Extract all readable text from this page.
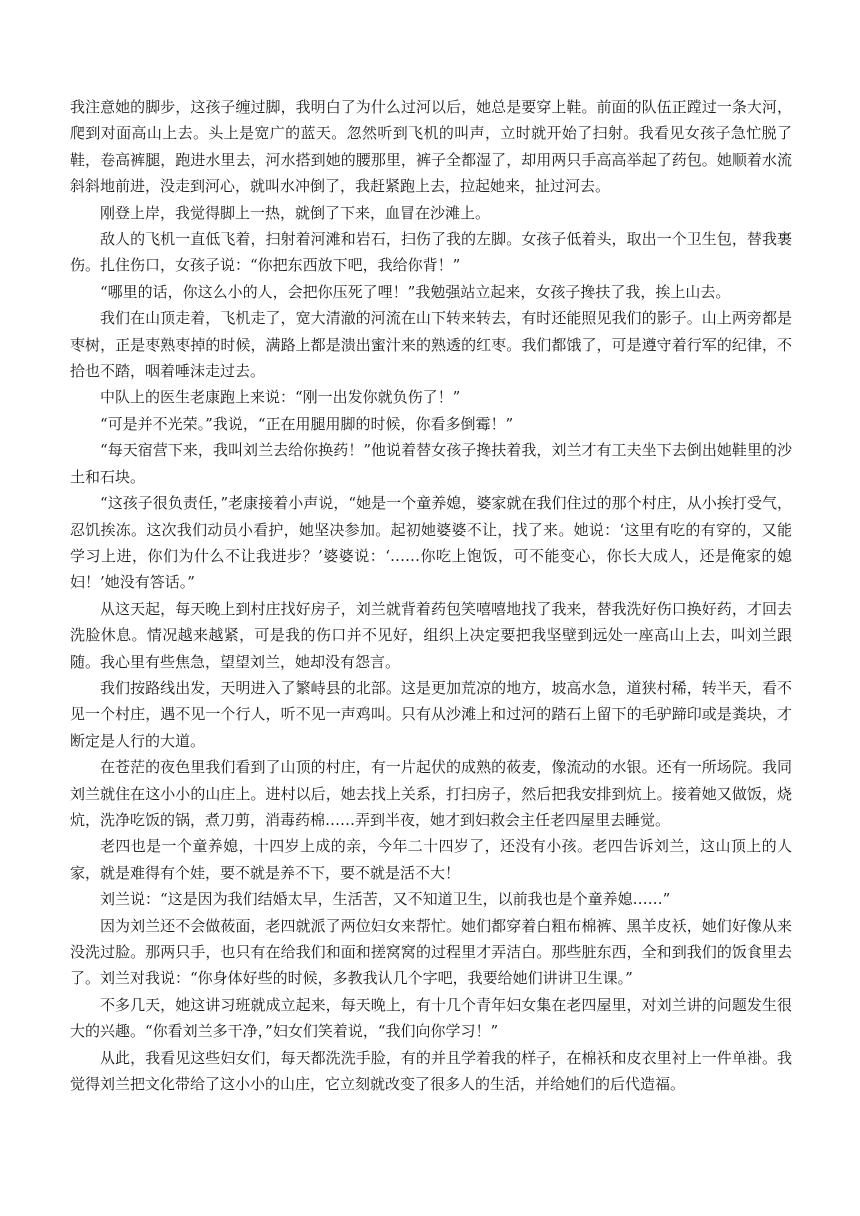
我注意她的脚步，这孩子缠过脚，我明白了为什么过河以后，她总是要穿上鞋。前面的队伍正蹚过一条大河，爬到对面高山上去。头上是宽广的蓝天。忽然听到飞机的叫声，立时就开始了扫射。我看见女孩子急忙脱了鞋，卷高裤腿，跑进水里去，河水搭到她的腰那里，裤子全都湿了，却用两只手高高举起了药包。她顺着水流斜斜地前进，没走到河心，就叫水冲倒了，我赶紧跑上去，拉起她来，扯过河去。

刚登上岸，我觉得脚上一热，就倒了下来，血冒在沙滩上。

敌人的飞机一直低飞着，扫射着河滩和岩石，扫伤了我的左脚。女孩子低着头，取出一个卫生包，替我裹伤。扎住伤口，女孩子说：“你把东西放下吧，我给你背！”

“哪里的话，你这么小的人，会把你压死了哩！”我勉强站立起来，女孩子搀扶了我，挨上山去。

我们在山顶走着，飞机走了，宽大清澈的河流在山下转来转去，有时还能照见我们的影子。山上两旁都是枣树，正是枣熟枣掉的时候，满路上都是溃出蜜汁来的熟透的红枣。我们都饿了，可是遵守着行军的纪律，不拾也不踏，咽着唾沫走过去。

中队上的医生老康跑上来说：“刚一出发你就负伤了！”

“可是并不光荣。”我说，“正在用腿用脚的时候，你看多倒霉！”

“每天宿营下来，我叫刘兰去给你换药！”他说着替女孩子搀扶着我，刘兰才有工夫坐下去倒出她鞋里的沙土和石块。

“这孩子很负责任，”老康接着小声说，“她是一个童养媳，婆家就在我们住过的那个村庄，从小挨打受气，忍饥挨冻。这次我们动员小看护，她坚决参加。起初她婆婆不让，找了来。她说：‘这里有吃的有穿的，又能学习上进，你们为什么不让我进步？’婆婆说：‘……你吃上饱饭，可不能变心，你长大成人，还是俺家的媳妇！’她没有答话。”

从这天起，每天晚上到村庄找好房子，刘兰就背着药包笑嘻嘻地找了我来，替我洗好伤口换好药，才回去洗脸休息。情况越来越紧，可是我的伤口并不见好，组织上决定要把我坚壁到远处一座高山上去，叫刘兰跟随。我心里有些焦急，望望刘兰，她却没有怨言。

我们按路线出发，天明进入了繁峙县的北部。这是更加荒凉的地方，坡高水急，道狭村稀，转半天，看不见一个村庄，遇不见一个行人，听不见一声鸡叫。只有从沙滩上和过河的踏石上留下的毛驴蹄印或是粪块，才断定是人行的大道。

在苍茫的夜色里我们看到了山顶的村庄，有一片起伏的成熟的莜麦，像流动的水银。还有一所场院。我同刘兰就住在这小小的山庄上。进村以后，她去找上关系，打扫房子，然后把我安排到炕上。接着她又做饭，烧炕，洗净吃饭的锅，煮刀剪，消毒药棉……弄到半夜，她才到妇救会主任老四屋里去睡觉。

老四也是一个童养媳，十四岁上成的亲，今年二十四岁了，还没有小孩。老四告诉刘兰，这山顶上的人家，就是难得有个娃，要不就是养不下，要不就是活不大！

刘兰说：“这是因为我们结婚太早，生活苦，又不知道卫生，以前我也是个童养媳……”

因为刘兰还不会做莜面，老四就派了两位妇女来帮忙。她们都穿着白粗布棉裤、黑羊皮袄，她们好像从来没洗过脸。那两只手，也只有在给我们和面和搓窝窝的过程里才弄洁白。那些脏东西，全和到我们的饭食里去了。刘兰对我说：“你身体好些的时候，多教我认几个字吧，我要给她们讲讲卫生课。”

不多几天，她这讲习班就成立起来，每天晚上，有十几个青年妇女集在老四屋里，对刘兰讲的问题发生很大的兴趣。“你看刘兰多干净，”妇女们笑着说，“我们向你学习！”

从此，我看见这些妇女们，每天都洗洗手脸，有的并且学着我的样子，在棉袄和皮衣里衬上一件单褂。我觉得刘兰把文化带给了这小小的山庄，它立刻就改变了很多人的生活，并给她们的后代造福。
